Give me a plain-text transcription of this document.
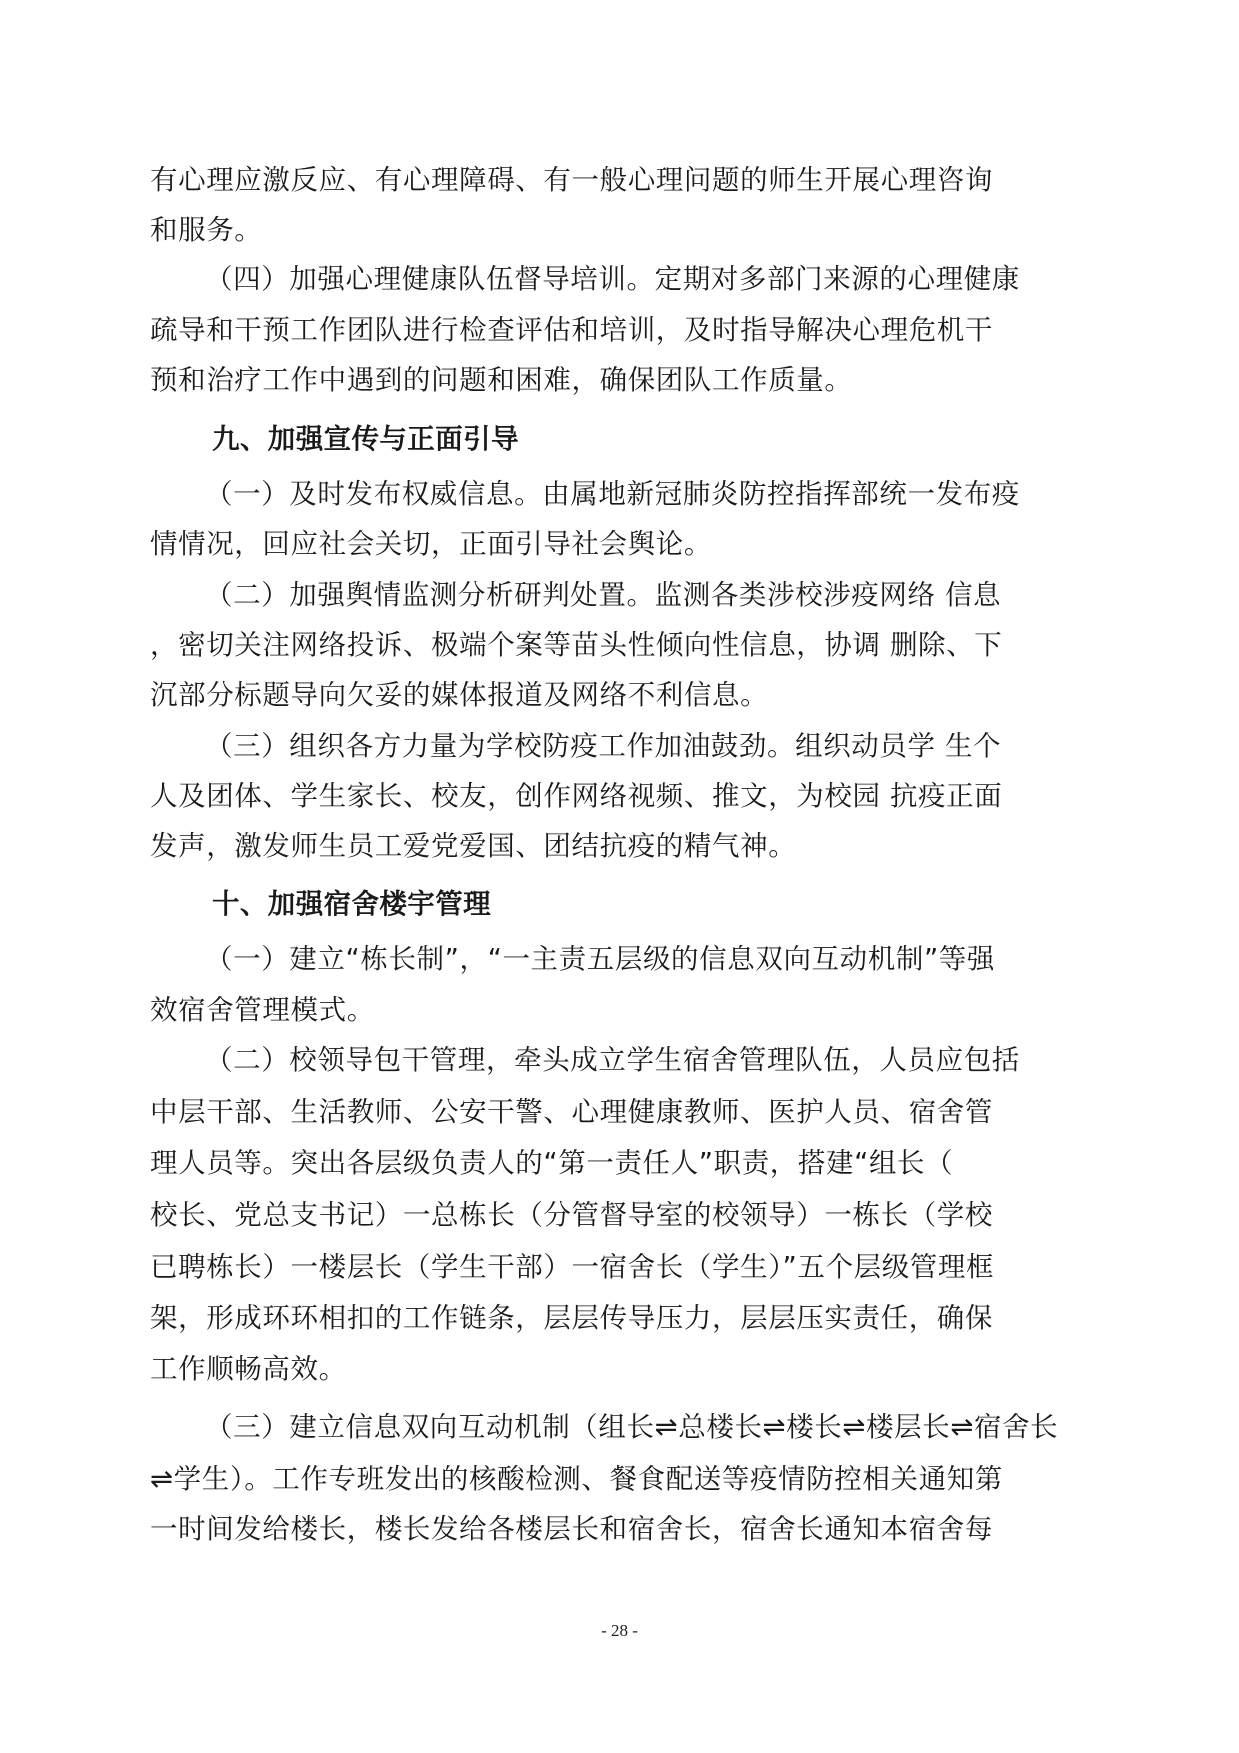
有心理应激反应、有心理障碍、有一般心理问题的师生开展心理咨询
和服务。
（四）加强心理健康队伍督导培训。定期对多部门来源的心理健康
疏导和干预工作团队进行检查评估和培训，及时指导解决心理危机干
预和治疗工作中遇到的问题和困难，确保团队工作质量。
九、加强宣传与正面引导
（一）及时发布权威信息。由属地新冠肺炎防控指挥部统一发布疫
情情况，回应社会关切，正面引导社会舆论。
（二）加强舆情监测分析研判处置。监测各类涉校涉疫网络 信息
，密切关注网络投诉、极端个案等苗头性倾向性信息，协调 删除、下
沉部分标题导向欠妥的媒体报道及网络不利信息。
（三）组织各方力量为学校防疫工作加油鼓劲。组织动员学 生个
人及团体、学生家长、校友，创作网络视频、推文，为校园 抗疫正面
发声，激发师生员工爱党爱国、团结抗疫的精气神。
十、加强宿舍楼宇管理
（一）建立“栋长制”，“一主责五层级的信息双向互动机制”等强
效宿舍管理模式。
（二）校领导包干管理，牵头成立学生宿舍管理队伍，人员应包括
中层干部、生活教师、公安干警、心理健康教师、医护人员、宿舍管
理人员等。突出各层级负责人的“第一责任人”职责，搭建“组长（
校长、党总支书记）一总栋长（分管督导室的校领导）一栋长（学校
已聘栋长）一楼层长（学生干部）一宿舍长（学生）”五个层级管理框
架，形成环环相扣的工作链条，层层传导压力，层层压实责任，确保
工作顺畅高效。
（三）建立信息双向互动机制（组长⇌总楼长⇌楼长⇌楼层长⇌宿舍长
⇌学生）。工作专班发出的核酸检测、餐食配送等疫情防控相关通知第
一时间发给楼长，楼长发给各楼层长和宿舍长，宿舍长通知本宿舍每
- 28 -
